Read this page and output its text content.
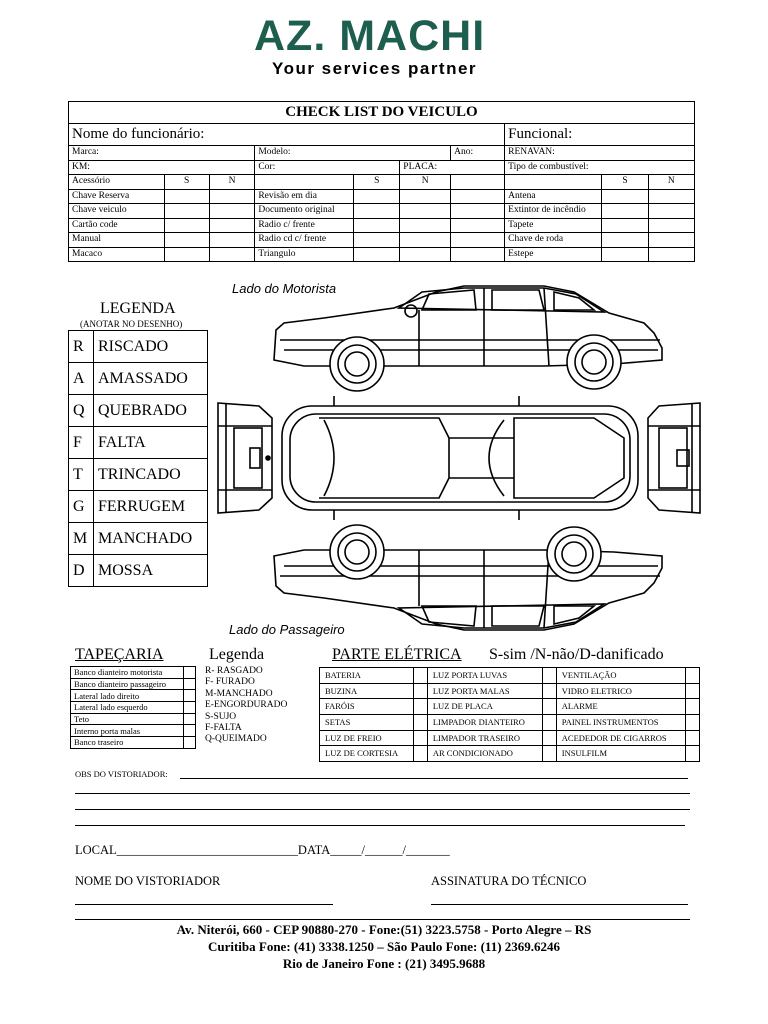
AZ. MACHI
Your services partner
CHECK LIST DO VEICULO									
Nome do funcionário:							Funcional:		
Marca:			Modelo:			Ano:	RENAVAN:		
KM:			Cor:		PLACA:		Tipo de combustível:		
Acessório	S	N		S	N			S	N
Chave Reserva			Revisão em dia				Antena		
Chave veiculo			Documento original				Extintor de incêndio		
Cartão code			Radio c/ frente				Tapete		
Manual			Radio cd c/ frente				Chave de roda		
Macaco			Triangulo				Estepe		
LEGENDA
(ANOTAR NO DESENHO)
R	RISCADO
A	AMASSADO
Q	QUEBRADO
F	FALTA
T	TRINCADO
G	FERRUGEM
M	MANCHADO
D	MOSSA
Lado do Motorista
Lado do Passageiro
TAPEÇARIA	Legenda
Banco dianteiro motorista	
Banco dianteiro passageiro	
Lateral lado direito	
Lateral lado esquerdo	
Teto	
Interno porta malas	
Banco traseiro	
R- RASGADO
F- FURADO
M-MANCHADO
E-ENGORDURADO
S-SUJO
F-FALTA
Q-QUEIMADO
PARTE ELÉTRICA S-sim /N-não/D-danificado
BATERIA		LUZ PORTA LUVAS		VENTILAÇÃO	
BUZINA		LUZ PORTA MALAS		VIDRO ELETRICO	
FARÓIS		LUZ DE PLACA		ALARME	
SETAS		LIMPADOR DIANTEIRO		PAINEL INSTRUMENTOS	
LUZ DE FREIO		LIMPADOR TRASEIRO		ACEDEDOR DE CIGARROS	
LUZ DE CORTESIA		AR CONDICIONADO		INSULFILM	
OBS DO VISTORIADOR:
LOCAL_____________________________DATA_____/______/_______
NOME DO VISTORIADOR	ASSINATURA DO TÉCNICO
Av. Niterói, 660 - CEP 90880-270 - Fone:(51) 3223.5758 - Porto Alegre – RS
Curitiba Fone: (41) 3338.1250 – São Paulo Fone: (11) 2369.6246
Rio de Janeiro Fone : (21) 3495.9688
